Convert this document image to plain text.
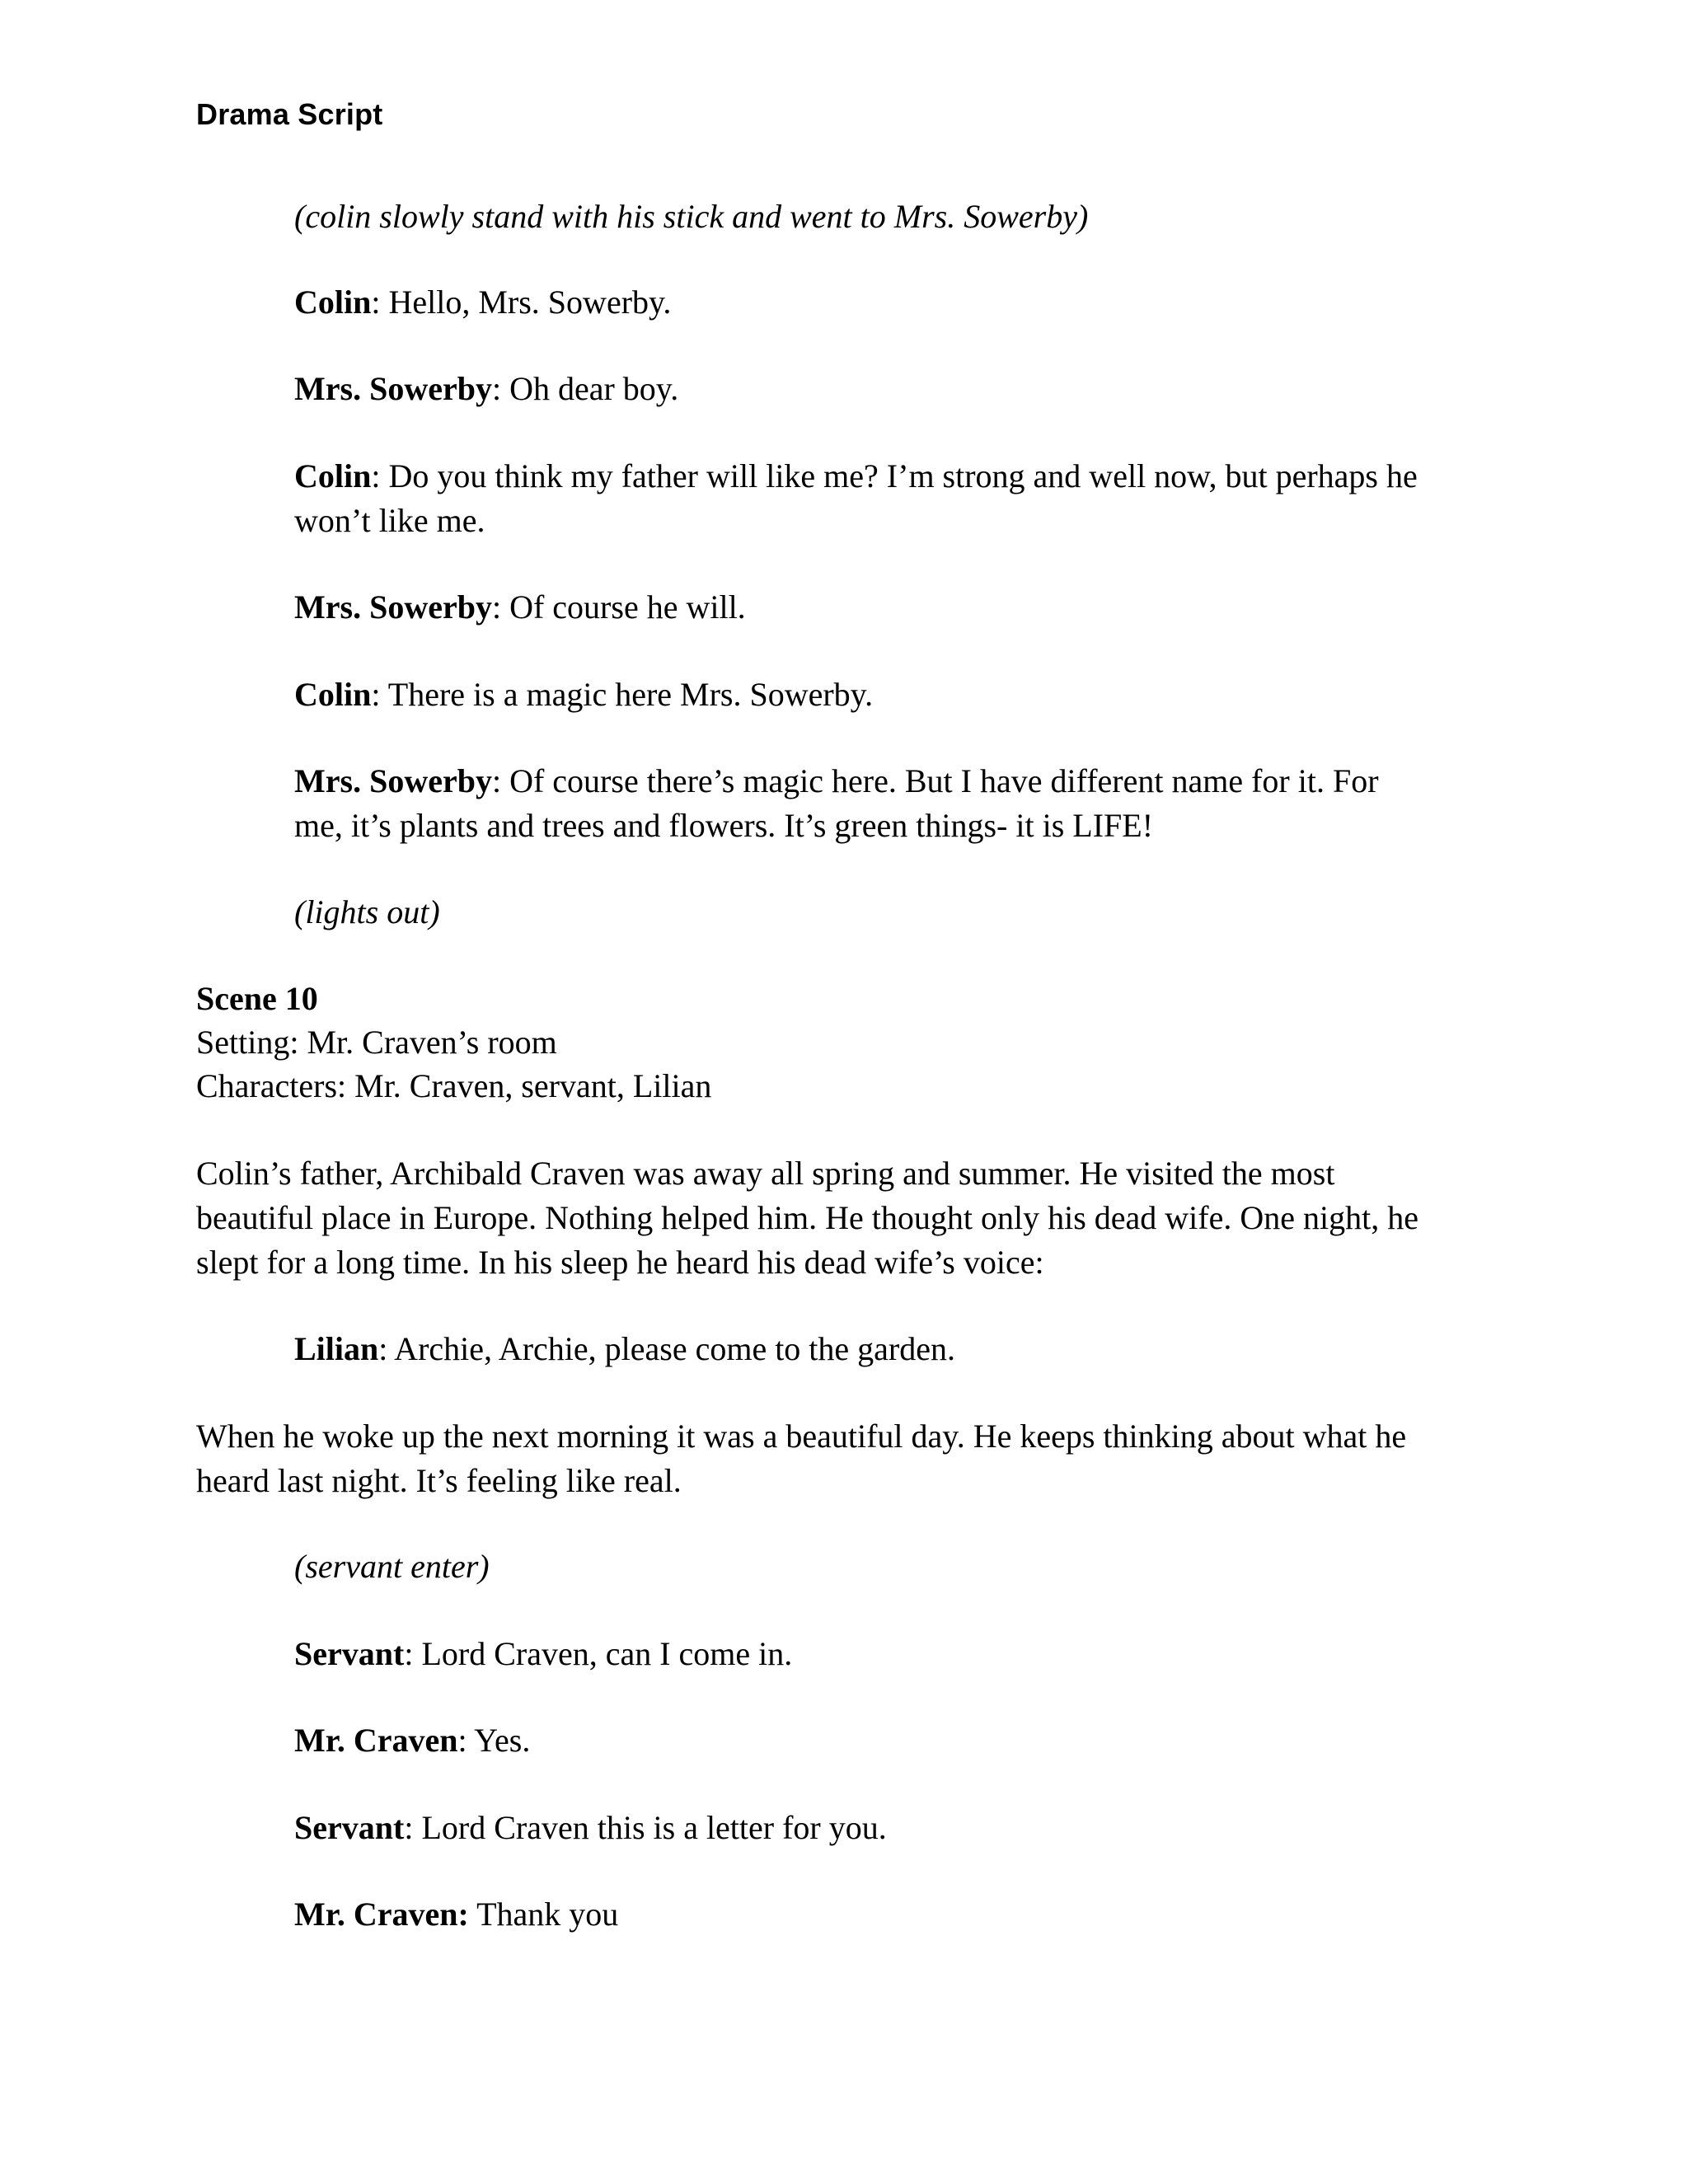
Drama Script
(colin slowly stand with his stick and went to Mrs. Sowerby)
Colin: Hello, Mrs. Sowerby.
Mrs. Sowerby: Oh dear boy.
Colin: Do you think my father will like me? I’m strong and well now, but perhaps he won’t like me.
Mrs. Sowerby: Of course he will.
Colin: There is a magic here Mrs. Sowerby.
Mrs. Sowerby: Of course there’s magic here. But I have different name for it. For me, it’s plants and trees and flowers. It’s green things- it is LIFE!
(lights out)
Scene 10
Setting: Mr. Craven’s room
Characters: Mr. Craven, servant, Lilian
Colin’s father, Archibald Craven was away all spring and summer. He visited the most beautiful place in Europe. Nothing helped him. He thought only his dead wife. One night, he slept for a long time. In his sleep he heard his dead wife’s voice:
Lilian: Archie, Archie, please come to the garden.
When he woke up the next morning it was a beautiful day. He keeps thinking about what he heard last night. It’s feeling like real.
(servant enter)
Servant: Lord Craven, can I come in.
Mr. Craven: Yes.
Servant: Lord Craven this is a letter for you.
Mr. Craven: Thank you
